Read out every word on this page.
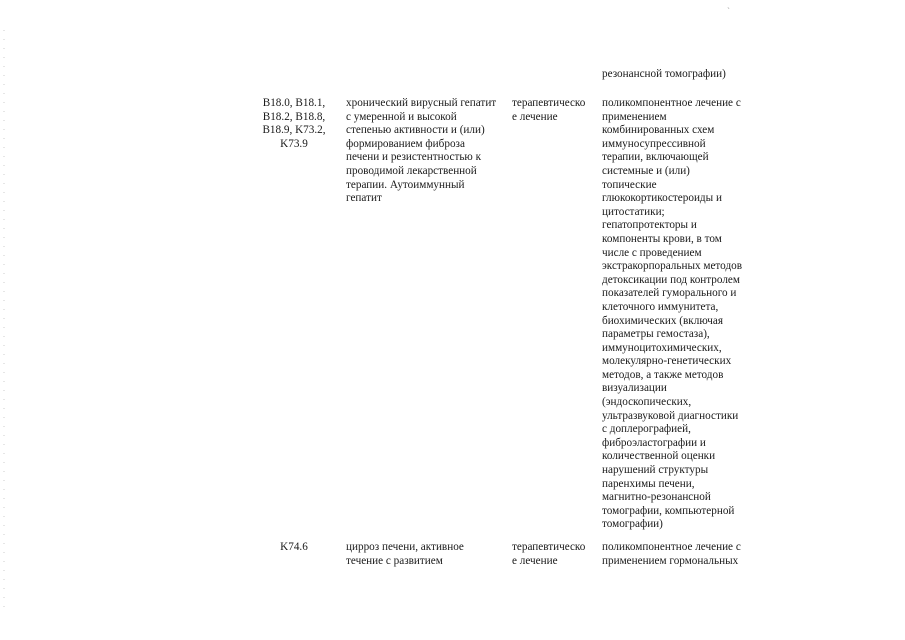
ˋ
резонансной томографии)
B18.0, B18.1,
B18.2, B18.8,
B18.9, K73.2,
K73.9
хронический вирусный гепатит
с умеренной и высокой
степенью активности и (или)
формированием фиброза
печени и резистентностью к
проводимой лекарственной
терапии. Аутоиммунный
гепатит
терапевтическо
е лечение
поликомпонентное лечение с
применением
комбинированных схем
иммуносупрессивной
терапии, включающей
системные и (или)
топические
глюкокортикостероиды и
цитостатики;
гепатопротекторы и
компоненты крови, в том
числе с проведением
экстракорпоральных методов
детоксикации под контролем
показателей гуморального и
клеточного иммунитета,
биохимических (включая
параметры гемостаза),
иммуноцитохимических,
молекулярно-генетических
методов, а также методов
визуализации
(эндоскопических,
ультразвуковой диагностики
с доплерографией,
фиброэластографии и
количественной оценки
нарушений структуры
паренхимы печени,
магнитно-резонансной
томографии, компьютерной
томографии)
K74.6	цирроз печени, активное
течение с развитием
терапевтическо
е лечение
поликомпонентное лечение с
применением гормональных
